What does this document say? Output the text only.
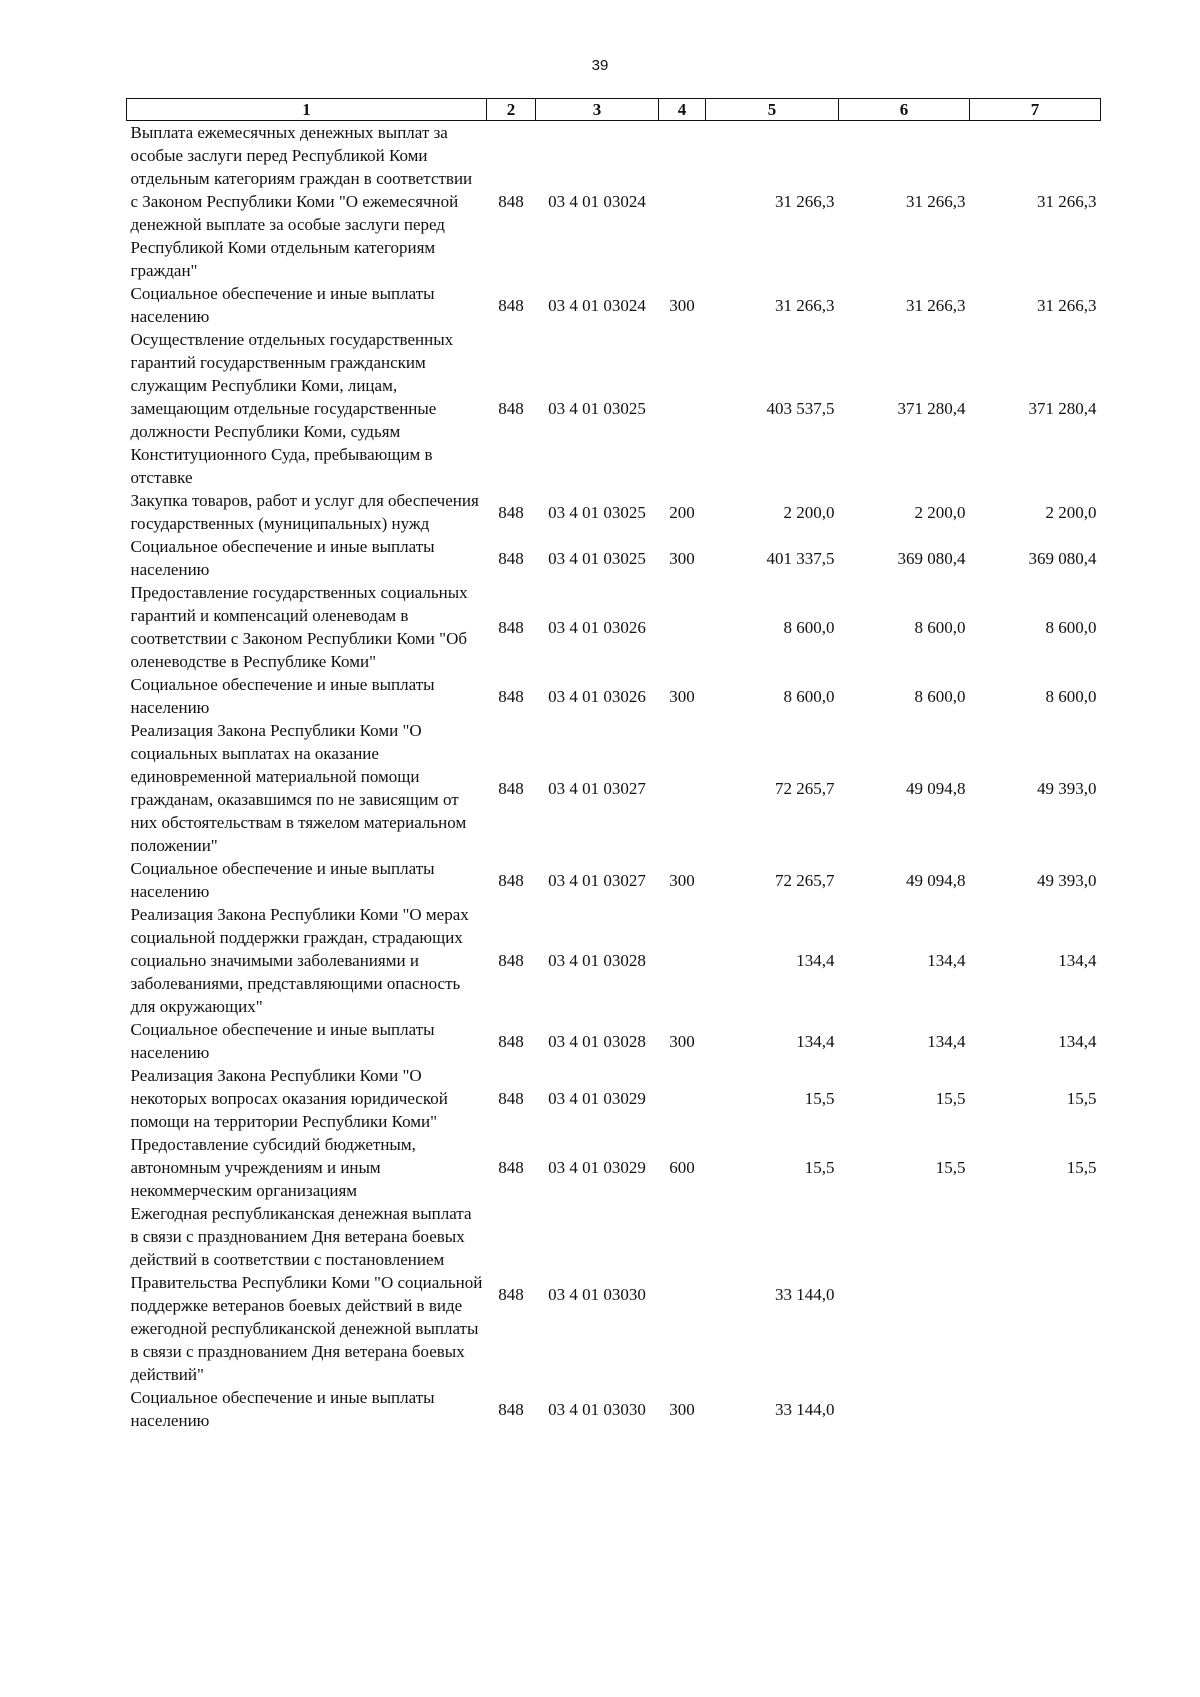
39
1	2	3	4	5	6	7
Выплата ежемесячных денежных выплат за особые заслуги перед Республикой Коми отдельным категориям граждан в соответствии с Законом Республики Коми "О ежемесячной денежной выплате за особые заслуги перед Республикой Коми отдельным категориям граждан"	848	03 4 01 03024		31 266,3	31 266,3	31 266,3
Социальное обеспечение и иные выплаты населению	848	03 4 01 03024	300	31 266,3	31 266,3	31 266,3
Осуществление отдельных государственных гарантий государственным гражданским служащим Республики Коми, лицам, замещающим отдельные государственные должности Республики Коми, судьям Конституционного Суда, пребывающим в отставке	848	03 4 01 03025		403 537,5	371 280,4	371 280,4
Закупка товаров, работ и услуг для обеспечения государственных (муниципальных) нужд	848	03 4 01 03025	200	2 200,0	2 200,0	2 200,0
Социальное обеспечение и иные выплаты населению	848	03 4 01 03025	300	401 337,5	369 080,4	369 080,4
Предоставление государственных социальных гарантий и компенсаций оленеводам в соответствии с Законом Республики Коми "Об оленеводстве в Республике Коми"	848	03 4 01 03026		8 600,0	8 600,0	8 600,0
Социальное обеспечение и иные выплаты населению	848	03 4 01 03026	300	8 600,0	8 600,0	8 600,0
Реализация Закона Республики Коми "О социальных выплатах на оказание единовременной материальной помощи гражданам, оказавшимся по не зависящим от них обстоятельствам в тяжелом материальном положении"	848	03 4 01 03027		72 265,7	49 094,8	49 393,0
Социальное обеспечение и иные выплаты населению	848	03 4 01 03027	300	72 265,7	49 094,8	49 393,0
Реализация Закона Республики Коми "О мерах социальной поддержки граждан, страдающих социально значимыми заболеваниями и заболеваниями, представляющими опасность для окружающих"	848	03 4 01 03028		134,4	134,4	134,4
Социальное обеспечение и иные выплаты населению	848	03 4 01 03028	300	134,4	134,4	134,4
Реализация Закона Республики Коми "О некоторых вопросах оказания юридической помощи на территории Республики Коми"	848	03 4 01 03029		15,5	15,5	15,5
Предоставление субсидий бюджетным, автономным учреждениям и иным некоммерческим организациям	848	03 4 01 03029	600	15,5	15,5	15,5
Ежегодная республиканская денежная выплата в связи с празднованием Дня ветерана боевых действий в соответствии с постановлением Правительства Республики Коми "О социальной поддержке ветеранов боевых действий в виде ежегодной республиканской денежной выплаты в связи с празднованием Дня ветерана боевых действий"	848	03 4 01 03030		33 144,0		
Социальное обеспечение и иные выплаты населению	848	03 4 01 03030	300	33 144,0		
